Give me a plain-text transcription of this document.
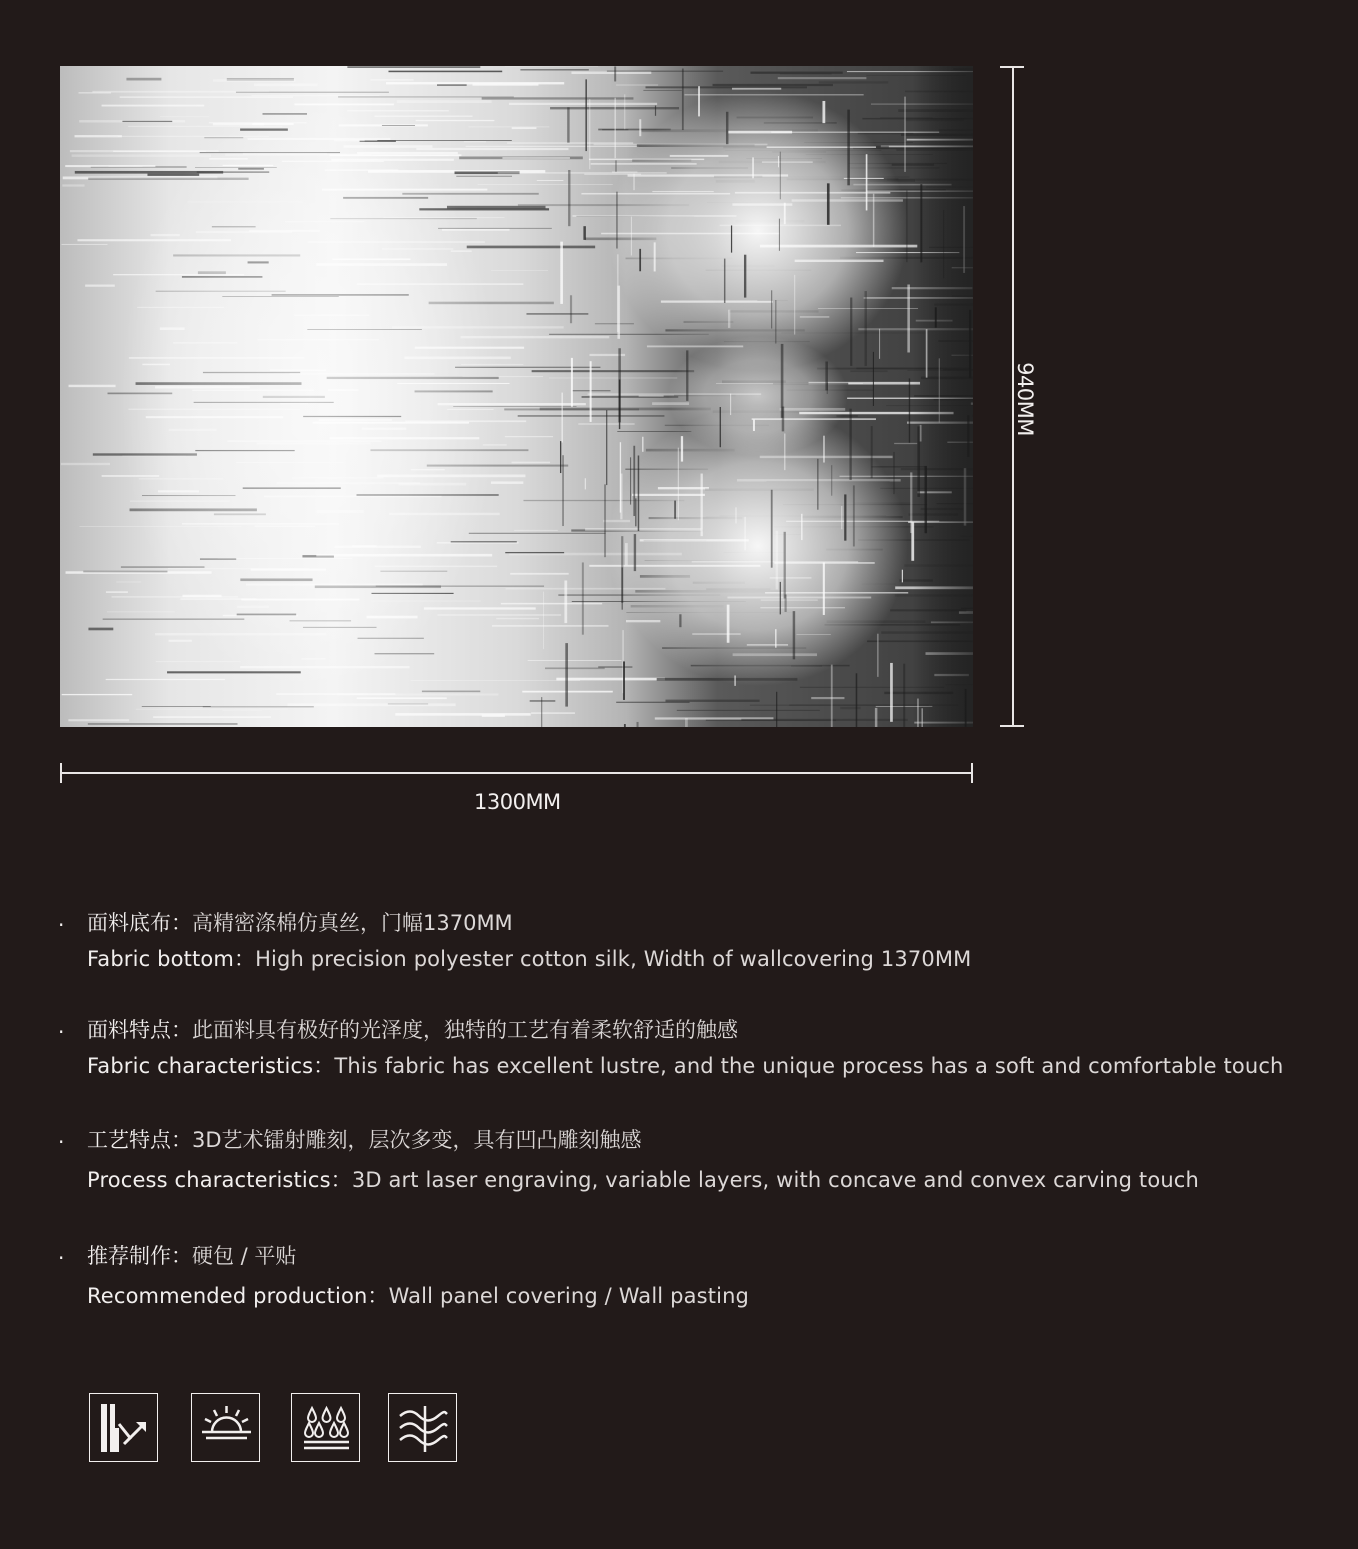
1300MM
940MM
· 面料底布：高精密涤棉仿真丝，门幅1370MM
Fabric bottom：High precision polyester cotton silk, Width of wallcovering 1370MM
· 面料特点：此面料具有极好的光泽度，独特的工艺有着柔软舒适的触感
Fabric characteristics：This fabric has excellent lustre, and the unique process has a soft and comfortable touch
· 工艺特点：3D艺术镭射雕刻，层次多变，具有凹凸雕刻触感
Process characteristics：3D art laser engraving, variable layers, with concave and convex carving touch
· 推荐制作：硬包 / 平贴
Recommended production：Wall panel covering / Wall pasting
